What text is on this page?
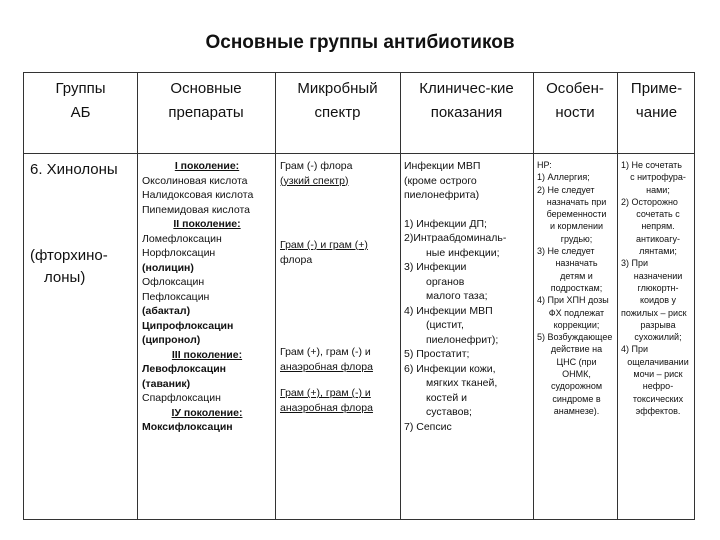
Основные группы антибиотиков
Группы
АБ
Основные
препараты
Микробный
спектр
Клиничес-кие
показания
Особен-
ности
Приме-
чание
6. Хинолоны
(фторхино-
лоны)
I поколение:
Оксолиновая кислота
Налидоксовая кислота
Пипемидовая кислота
II поколение:
Ломефлоксацин
Норфлоксацин
(нолицин)
Офлоксацин
Пефлоксацин
(абактал)
Ципрофлоксацин
(ципронол)
III поколение:
Левофлоксацин
(таваник)
Спарфлоксацин
IУ поколение:
Моксифлоксацин
Грам (-) флора
(узкий спектр)
Грам (-) и грам (+)
флора
Грам (+), грам (-) и
анаэробная флора
Грам (+), грам (-) и
анаэробная флора
Инфекции МВП
(кроме острого
пиелонефрита)
1) Инфекции ДП;
2)Интраабдоминаль-
ные инфекции;
3) Инфекции
органов
малого таза;
4) Инфекции МВП
(цистит,
пиелонефрит);
5) Простатит;
6) Инфекции кожи,
мягких тканей,
костей и
суставов;
7) Сепсис
НР:
1) Аллергия;
2) Не следует
назначать при
беременности
и кормлении
грудью;
3) Не следует
назначать
детям и
подросткам;
4) При ХПН дозы
ФХ подлежат
коррекции;
5) Возбуждающее
действие на
ЦНС (при
ОНМК,
судорожном
синдроме в
анамнезе).
1) Не сочетать
с нитрофура-
нами;
2) Осторожно
сочетать с
непрям.
антикоагу-
лянтами;
3) При
назначении
глюкортн-
коидов у
пожилых – риск
разрыва
сухожилий;
4) При
ощелачивании
мочи – риск
нефро-
токсических
эффектов.
